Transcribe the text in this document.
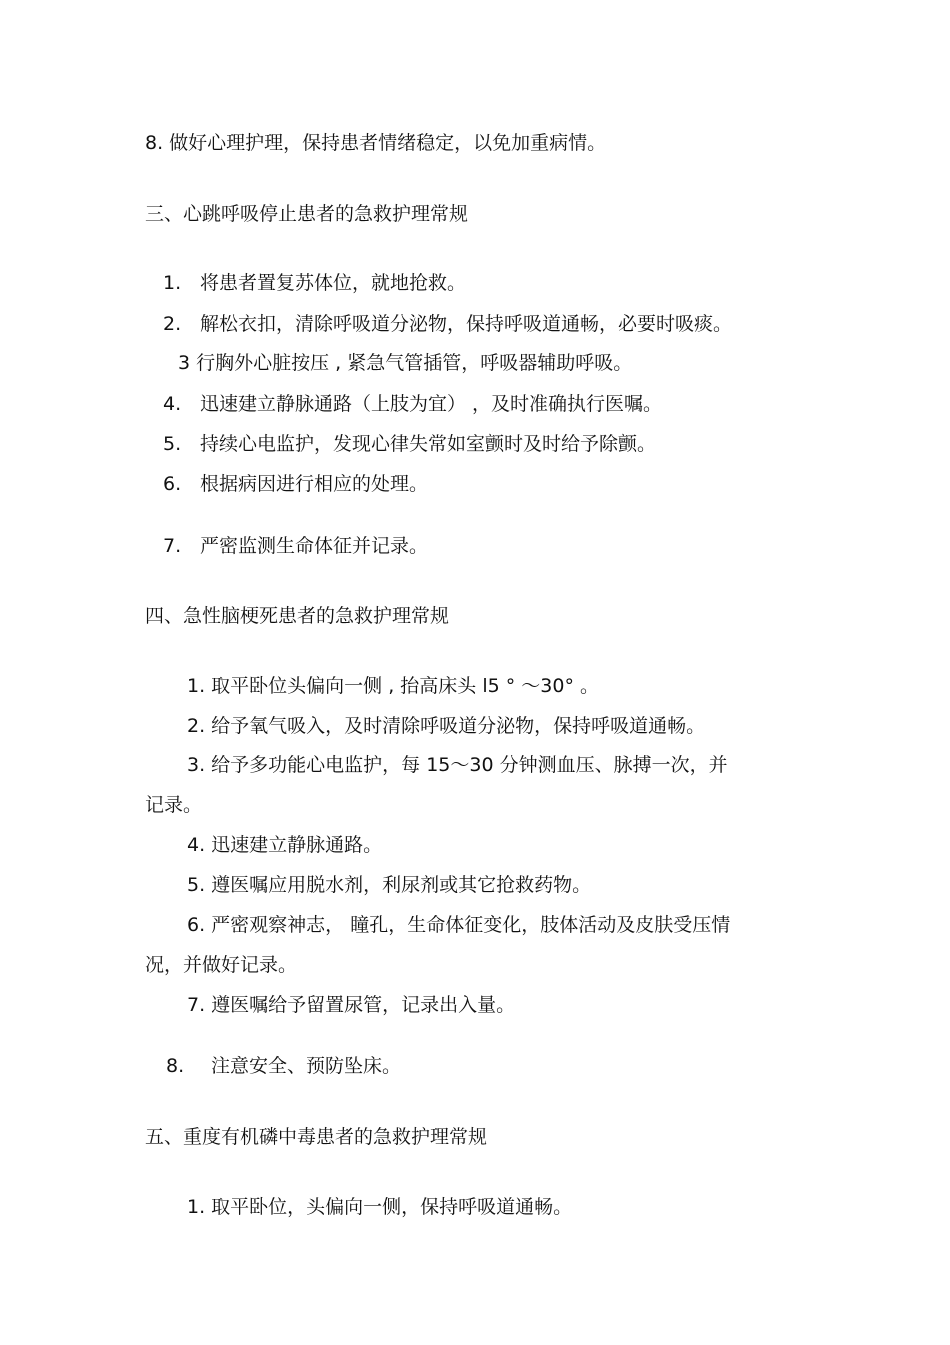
8. 做好心理护理，保持患者情绪稳定，以免加重病情。
三、心跳呼吸停止患者的急救护理常规
1. 将患者置复苏体位，就地抢救。
2. 解松衣扣，清除呼吸道分泌物，保持呼吸道通畅，必要时吸痰。
3 行胸外心脏按压 , 紧急气管插管，呼吸器辅助呼吸。
4. 迅速建立静脉通路（上肢为宜） ，及时准确执行医嘱。
5. 持续心电监护，发现心律失常如室颤时及时给予除颤。
6. 根据病因进行相应的处理。
7. 严密监测生命体征并记录。
四、急性脑梗死患者的急救护理常规
1. 取平卧位头偏向一侧 , 抬高床头 l5 ° ～30° 。
2. 给予氧气吸入，及时清除呼吸道分泌物，保持呼吸道通畅。
3. 给予多功能心电监护，每 15～30 分钟测血压、脉搏一次，并
记录。
4. 迅速建立静脉通路。
5. 遵医嘱应用脱水剂，利尿剂或其它抢救药物。
6. 严密观察神志， 瞳孔，生命体征变化，肢体活动及皮肤受压情
况，并做好记录。
7. 遵医嘱给予留置尿管，记录出入量。
8. 注意安全、预防坠床。
五、重度有机磷中毒患者的急救护理常规
1. 取平卧位，头偏向一侧，保持呼吸道通畅。
